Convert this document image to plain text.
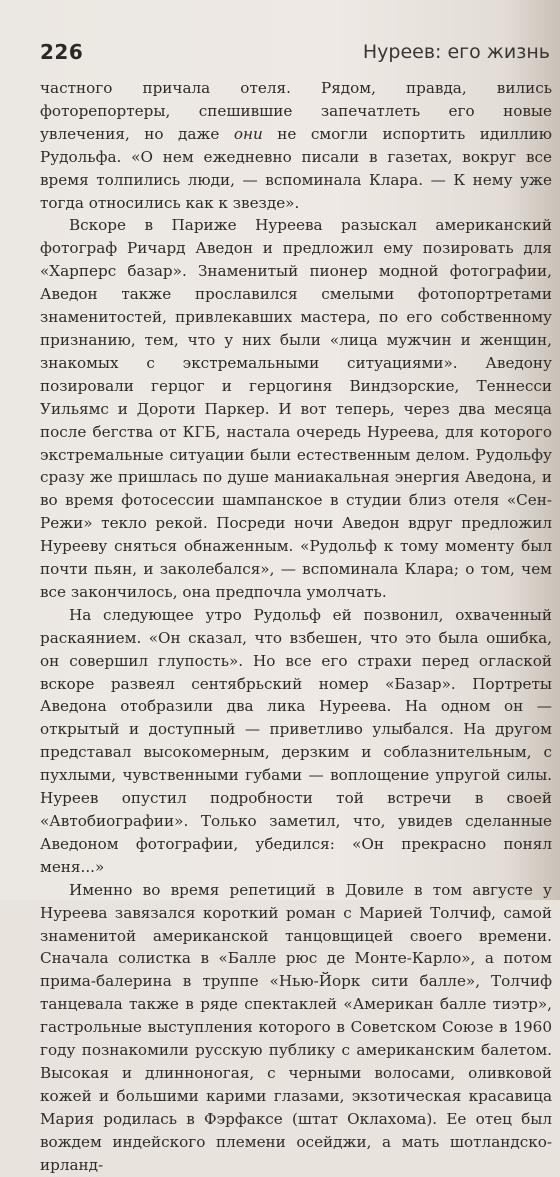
226	Нуреев: его жизнь

частного причала отеля. Рядом, правда, вились фоторепортеры, спешившие запечатлеть его новые увлечения, но даже они не смогли испортить идиллию Рудольфа. «О нем ежедневно писали в газетах, вокруг все время толпились люди, — вспоминала Клара. — К нему уже тогда относились как к звезде».

Вскоре в Париже Нуреева разыскал американский фотограф Ричард Аведон и предложил ему позировать для «Харперс базар». Знаменитый пионер модной фотографии, Аведон также прославился смелыми фотопортретами знаменитостей, привлекавших мастера, по его собственному признанию, тем, что у них были «лица мужчин и женщин, знакомых с экстремальными ситуациями». Аведону позировали герцог и герцогиня Виндзорские, Теннесси Уильямс и Дороти Паркер. И вот теперь, через два месяца после бегства от КГБ, настала очередь Нуреева, для которого экстремальные ситуации были естественным делом. Рудольфу сразу же пришлась по душе маниакальная энергия Аведона, и во время фотосессии шампанское в студии близ отеля «Сен-Режи» текло рекой. Посреди ночи Аведон вдруг предложил Нурееву сняться обнаженным. «Рудольф к тому моменту был почти пьян, и заколебался», — вспоминала Клара; о том, чем все закончилось, она предпочла умолчать.

На следующее утро Рудольф ей позвонил, охваченный раскаянием. «Он сказал, что взбешен, что это была ошибка, он совершил глупость». Но все его страхи перед оглаской вскоре развеял сентябрьский номер «Базар». Портреты Аведона отобразили два лика Нуреева. На одном он — открытый и доступный — приветливо улыбался. На другом представал высокомерным, дерзким и соблазнительным, с пухлыми, чувственными губами — воплощение упругой силы. Нуреев опустил подробности той встречи в своей «Автобиографии». Только заметил, что, увидев сделанные Аведоном фотографии, убедился: «Он прекрасно понял меня...»

Именно во время репетиций в Довиле в том августе у Нуреева завязался короткий роман с Марией Толчиф, самой знаменитой американской танцовщицей своего времени. Сначала солистка в «Балле рюс де Монте-Карло», а потом прима-балерина в труппе «Нью-Йорк сити балле», Толчиф танцевала также в ряде спектаклей «Американ балле тиэтр», гастрольные выступления которого в Советском Союзе в 1960 году познакомили русскую публику с американским балетом. Высокая и длинноногая, с черными волосами, оливковой кожей и большими карими глазами, экзотическая красавица Мария родилась в Фэрфаксе (штат Оклахома). Ее отец был вождем индейского племени осейджи, а мать шотландско-ирланд-
